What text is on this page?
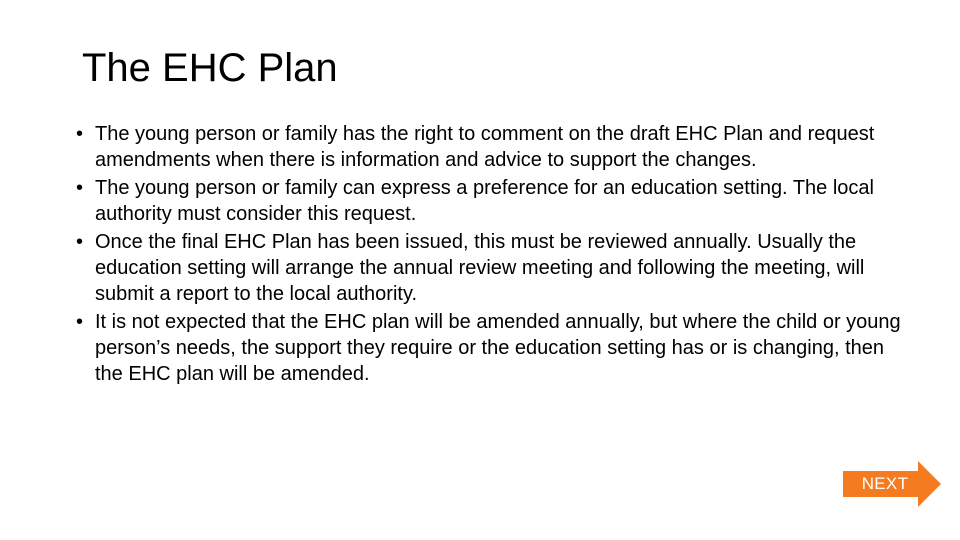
The EHC Plan
• The young person or family has the right to comment on the draft EHC Plan and request amendments when there is information and advice to support the changes.
• The young person or family can express a preference for an education setting. The local authority must consider this request.
• Once the final EHC Plan has been issued, this must be reviewed annually. Usually the education setting will arrange the annual review meeting and following the meeting, will submit a report to the local authority.
• It is not expected that the EHC plan will be amended annually, but where the child or young person’s needs, the support they require or the education setting has or is changing, then the EHC plan will be amended.
NEXT
